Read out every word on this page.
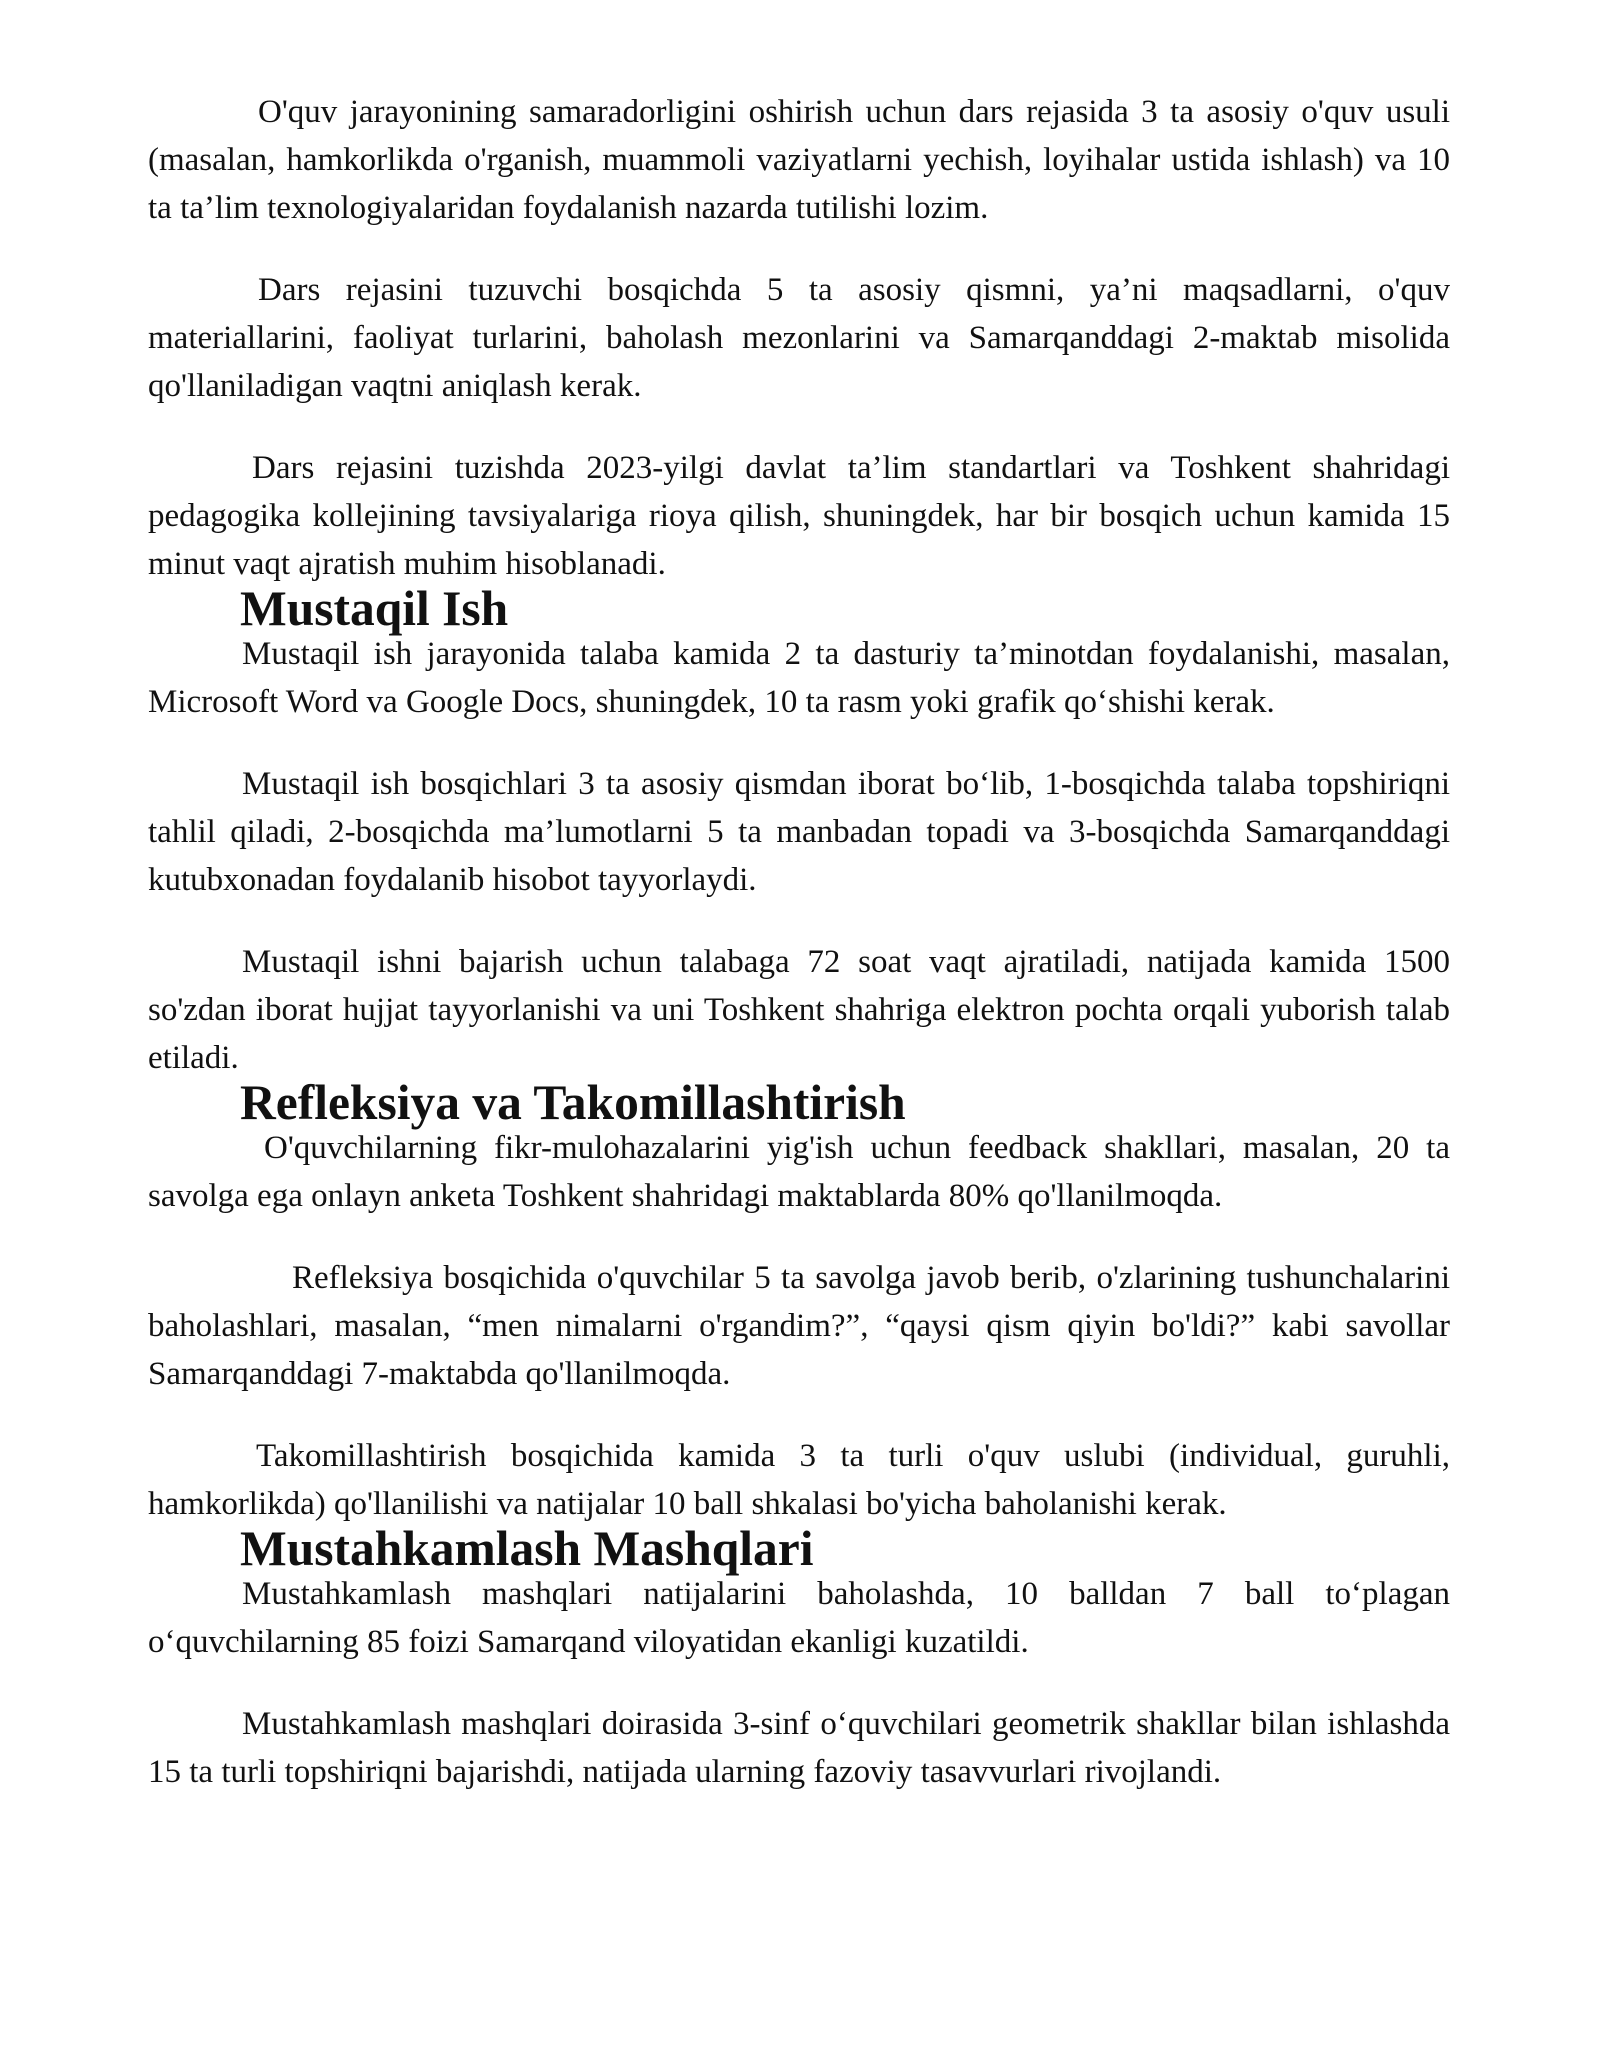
O'quv jarayonining samaradorligini oshirish uchun dars rejasida 3 ta asosiy o'quv usuli (masalan, hamkorlikda o'rganish, muammoli vaziyatlarni yechish, loyihalar ustida ishlash) va 10 ta ta’lim texnologiyalaridan foydalanish nazarda tutilishi lozim.

Dars rejasini tuzuvchi bosqichda 5 ta asosiy qismni, ya’ni maqsadlarni, o'quv materiallarini, faoliyat turlarini, baholash mezonlarini va Samarqanddagi 2-maktab misolida qo'llaniladigan vaqtni aniqlash kerak.

Dars rejasini tuzishda 2023-yilgi davlat ta’lim standartlari va Toshkent shahridagi pedagogika kollejining tavsiyalariga rioya qilish, shuningdek, har bir bosqich uchun kamida 15 minut vaqt ajratish muhim hisoblanadi.

Mustaqil Ish

Mustaqil ish jarayonida talaba kamida 2 ta dasturiy ta’minotdan foydalanishi, masalan, Microsoft Word va Google Docs, shuningdek, 10 ta rasm yoki grafik qo‘shishi kerak.

Mustaqil ish bosqichlari 3 ta asosiy qismdan iborat bo‘lib, 1-bosqichda talaba topshiriqni tahlil qiladi, 2-bosqichda ma’lumotlarni 5 ta manbadan topadi va 3-bosqichda Samarqanddagi kutubxonadan foydalanib hisobot tayyorlaydi.

Mustaqil ishni bajarish uchun talabaga 72 soat vaqt ajratiladi, natijada kamida 1500 so'zdan iborat hujjat tayyorlanishi va uni Toshkent shahriga elektron pochta orqali yuborish talab etiladi.

Refleksiya va Takomillashtirish

O'quvchilarning fikr-mulohazalarini yig'ish uchun feedback shakllari, masalan, 20 ta savolga ega onlayn anketa Toshkent shahridagi maktablarda 80% qo'llanilmoqda.

Refleksiya bosqichida o'quvchilar 5 ta savolga javob berib, o'zlarining tushunchalarini baholashlari, masalan, “men nimalarni o'rgandim?”, “qaysi qism qiyin bo'ldi?” kabi savollar Samarqanddagi 7-maktabda qo'llanilmoqda.

Takomillashtirish bosqichida kamida 3 ta turli o'quv uslubi (individual, guruhli, hamkorlikda) qo'llanilishi va natijalar 10 ball shkalasi bo'yicha baholanishi kerak.

Mustahkamlash Mashqlari

Mustahkamlash mashqlari natijalarini baholashda, 10 balldan 7 ball to‘plagan o‘quvchilarning 85 foizi Samarqand viloyatidan ekanligi kuzatildi.

Mustahkamlash mashqlari doirasida 3-sinf o‘quvchilari geometrik shakllar bilan ishlashda 15 ta turli topshiriqni bajarishdi, natijada ularning fazoviy tasavvurlari rivojlandi.
